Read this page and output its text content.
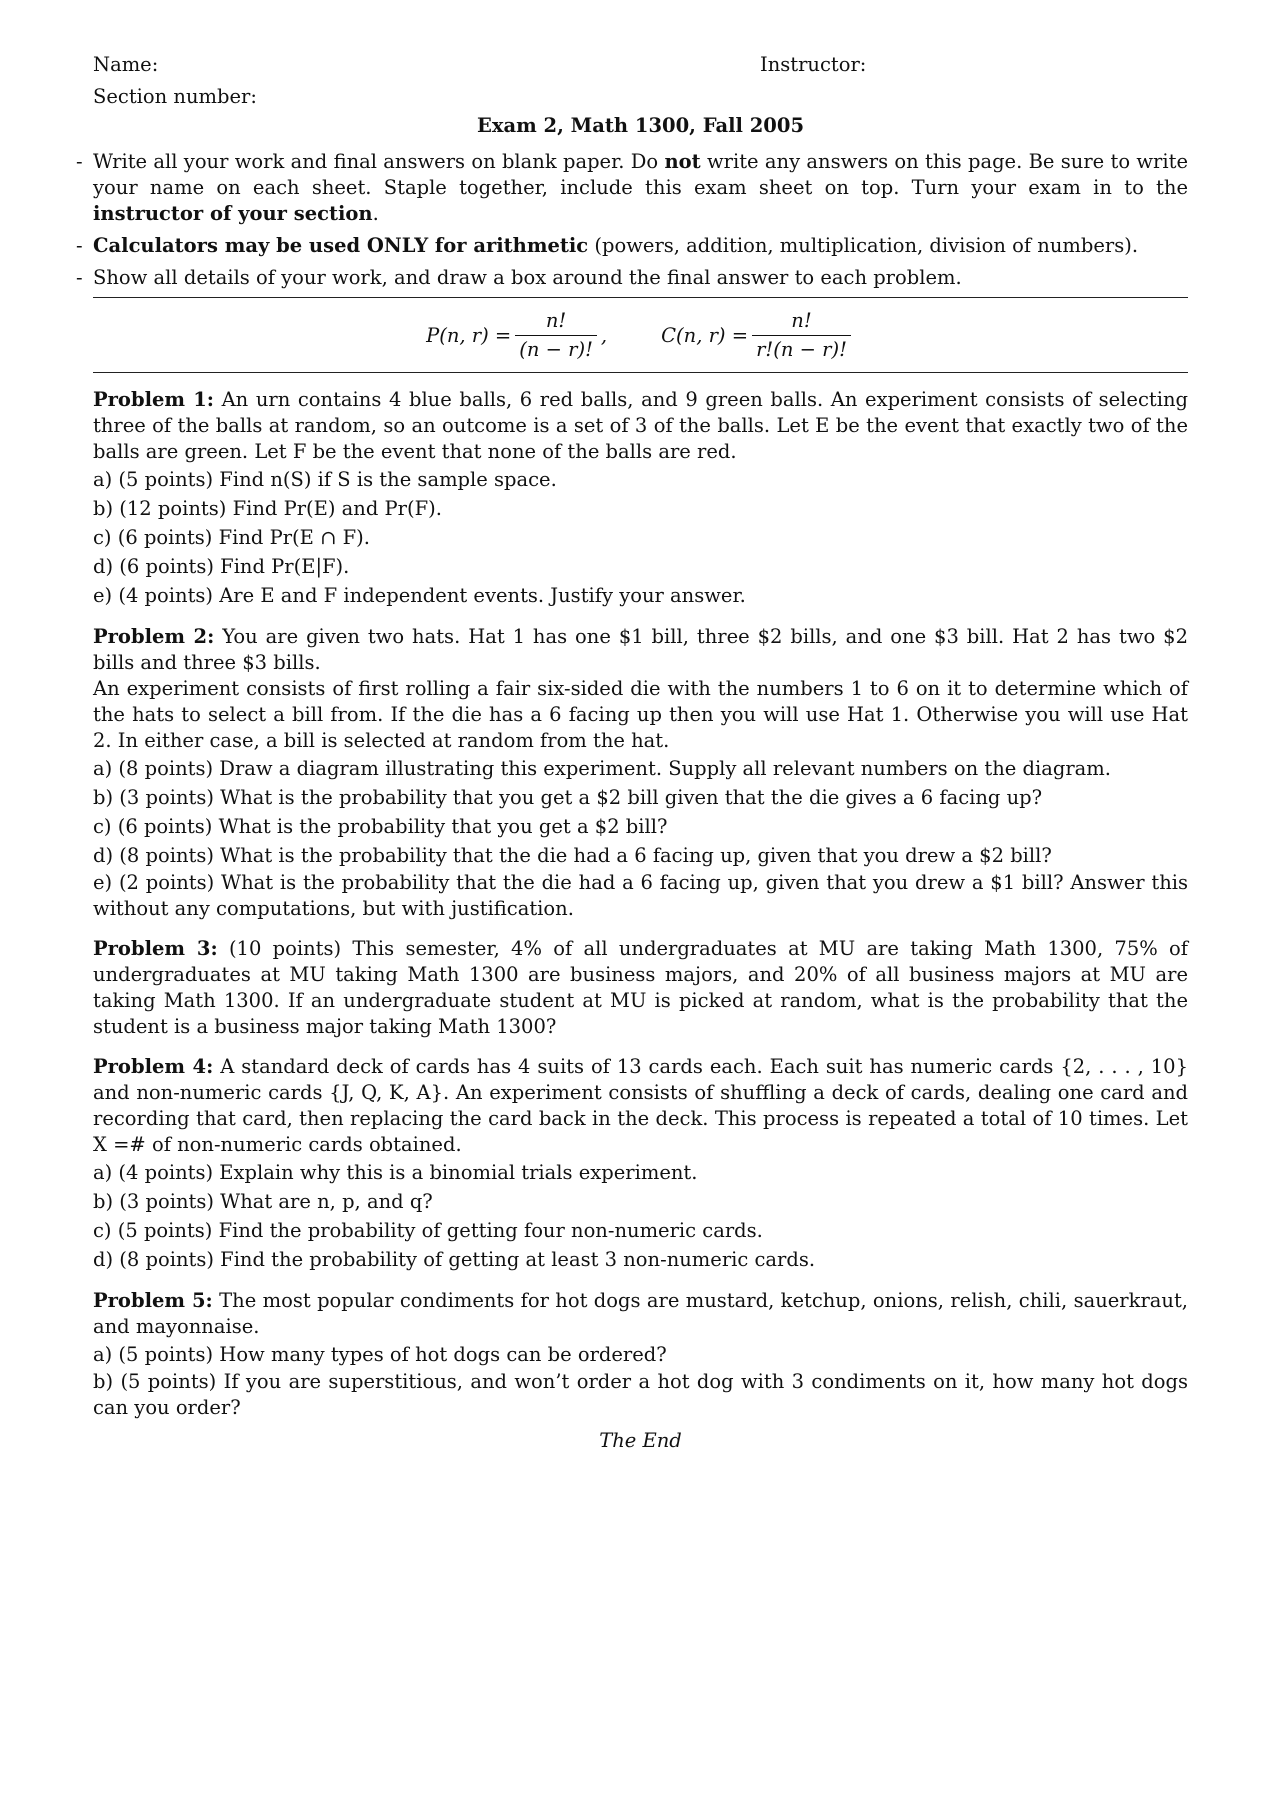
Name:	Instructor:
Section number:
Exam 2, Math 1300, Fall 2005
- Write all your work and final answers on blank paper. Do not write any answers on this page. Be sure to write your name on each sheet. Staple together, include this exam sheet on top. Turn your exam in to the instructor of your section.
- Calculators may be used ONLY for arithmetic (powers, addition, multiplication, division of numbers).
- Show all details of your work, and draw a box around the final answer to each problem.
P(n, $r) = \frac{n!}{(n - r)!}$ ,	C(n, $r) = \frac{n!}{r!(n - r)!}$

Problem 1: An urn contains 4 blue balls, 6 red balls, and 9 green balls. An experiment consists of selecting three of the balls at random, so an outcome is a set of 3 of the balls. Let E be the event that exactly two of the balls are green. Let F be the event that none of the balls are red.

a) (5 points) Find n(S) if S is the sample space.

b) (12 points) Find Pr(E) and Pr(F).

c) (6 points) Find Pr(E ∩ F).

d) (6 points) Find Pr(E|F).

e) (4 points) Are E and F independent events. Justify your answer.

Problem 2: You are given two hats. Hat 1 has one $1 bill, three $2 bills, and one $3 bill. Hat 2 has two $2 bills and three $3 bills.

An experiment consists of first rolling a fair six-sided die with the numbers 1 to 6 on it to determine which of the hats to select a bill from. If the die has a 6 facing up then you will use Hat 1. Otherwise you will use Hat 2. In either case, a bill is selected at random from the hat.

a) (8 points) Draw a diagram illustrating this experiment. Supply all relevant numbers on the diagram.

b) (3 points) What is the probability that you get a $2 bill given that the die gives a 6 facing up?

c) (6 points) What is the probability that you get a $2 bill?

d) (8 points) What is the probability that the die had a 6 facing up, given that you drew a $2 bill?

e) (2 points) What is the probability that the die had a 6 facing up, given that you drew a $1 bill? Answer this without any computations, but with justification.

Problem 3: (10 points) This semester, 4% of all undergraduates at MU are taking Math 1300, 75% of undergraduates at MU taking Math 1300 are business majors, and 20% of all business majors at MU are taking Math 1300. If an undergraduate student at MU is picked at random, what is the probability that the student is a business major taking Math 1300?

Problem 4: A standard deck of cards has 4 suits of 13 cards each. Each suit has numeric cards {2, . . . , 10} and non-numeric cards {J, Q, K, A}. An experiment consists of shuffling a deck of cards, dealing one card and recording that card, then replacing the card back in the deck. This process is repeated a total of 10 times. Let X =# of non-numeric cards obtained.

a) (4 points) Explain why this is a binomial trials experiment.

b) (3 points) What are n, p, and q?

c) (5 points) Find the probability of getting four non-numeric cards.

d) (8 points) Find the probability of getting at least 3 non-numeric cards.

Problem 5: The most popular condiments for hot dogs are mustard, ketchup, onions, relish, chili, sauerkraut, and mayonnaise.

a) (5 points) How many types of hot dogs can be ordered?

b) (5 points) If you are superstitious, and won’t order a hot dog with 3 condiments on it, how many hot dogs can you order?

The End
